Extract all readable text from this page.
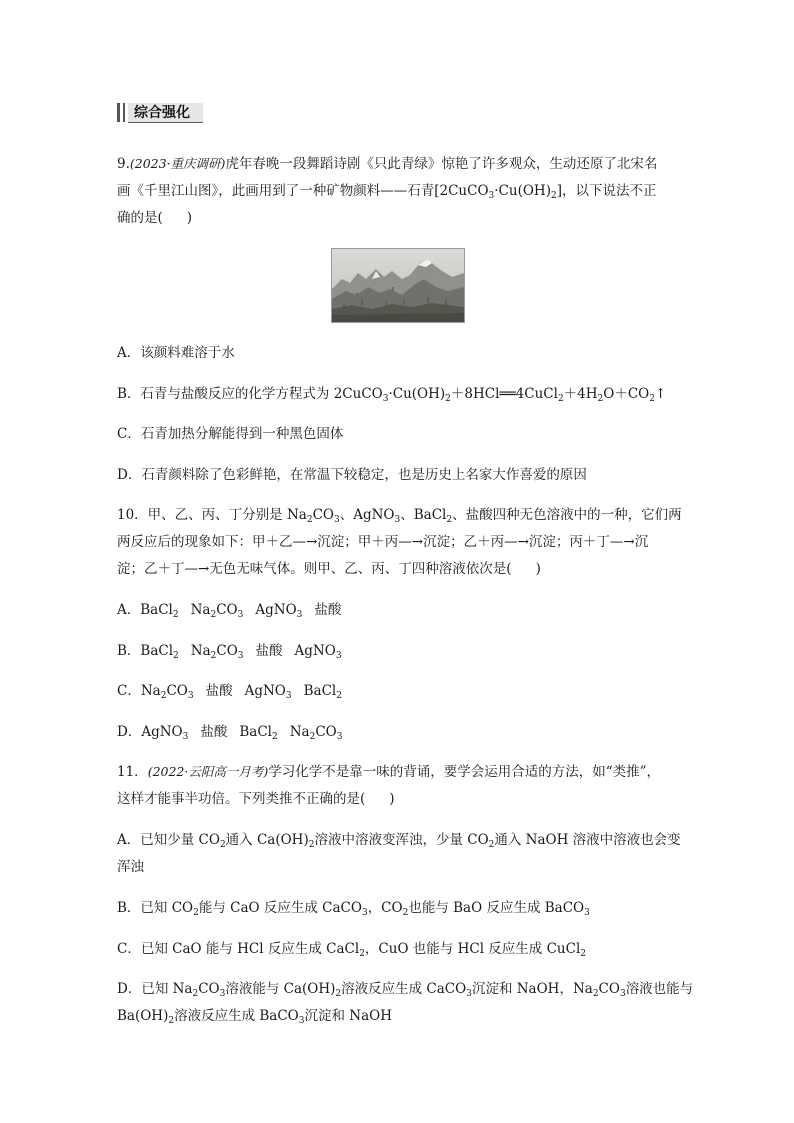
综合强化
9.(2023·重庆调研)虎年春晚一段舞蹈诗剧《只此青绿》惊艳了许多观众，生动还原了北宋名
画《千里江山图》，此画用到了一种矿物颜料——石青$[2CuCO_3\cdot Cu(OH)_2]$，以下说法不正
确的是( )
A．该颜料难溶于水
B．石青与盐酸反应的化学方程式为 $2CuCO_3\cdot Cu(OH)_2+8HCl══4CuCl_2+4H_2O+CO_2↑$
C．石青加热分解能得到一种黑色固体
D．石青颜料除了色彩鲜艳，在常温下较稳定，也是历史上名家大作喜爱的原因
10．甲、乙、丙、丁分别是 $Na_2CO_3$、AgNO$_3$、BaCl$_2$、盐酸四种无色溶液中的一种，它们两
两反应后的现象如下：甲＋乙—→沉淀；甲＋丙—→沉淀；乙＋丙—→沉淀；丙＋丁—→沉
淀；乙＋丁—→无色无味气体。则甲、乙、丙、丁四种溶液依次是( )
A．BaCl$_2$ $Na_2CO_3$ AgNO$_3$ 盐酸
B．BaCl$_2$ $Na_2CO_3$ 盐酸 AgNO$_3$
C．$Na_2CO_3$ 盐酸 AgNO$_3$ BaCl$_2$
D．AgNO$_3$ 盐酸 BaCl$_2$ $Na_2CO_3$
11．(2022·云阳高一月考)学习化学不是靠一味的背诵，要学会运用合适的方法，如“类推”，
这样才能事半功倍。下列类推不正确的是( )
A．已知少量 $CO_2$通入 $Ca(OH)_2$溶液中溶液变浑浊，少量 $CO_2$通入 NaOH 溶液中溶液也会变
浑浊
B．已知 $CO_2$能与 CaO 反应生成 CaCO$_3$，$CO_2$也能与 BaO 反应生成 BaCO$_3$
C．已知 CaO 能与 HCl 反应生成 CaCl$_2$，CuO 也能与 HCl 反应生成 CuCl$_2$
D．已知 $Na_2CO_3$溶液能与 $Ca(OH)_2$溶液反应生成 CaCO$_3$沉淀和 NaOH，$Na_2CO_3$溶液也能与
$Ba(OH)_2$溶液反应生成 BaCO$_3$沉淀和 NaOH
